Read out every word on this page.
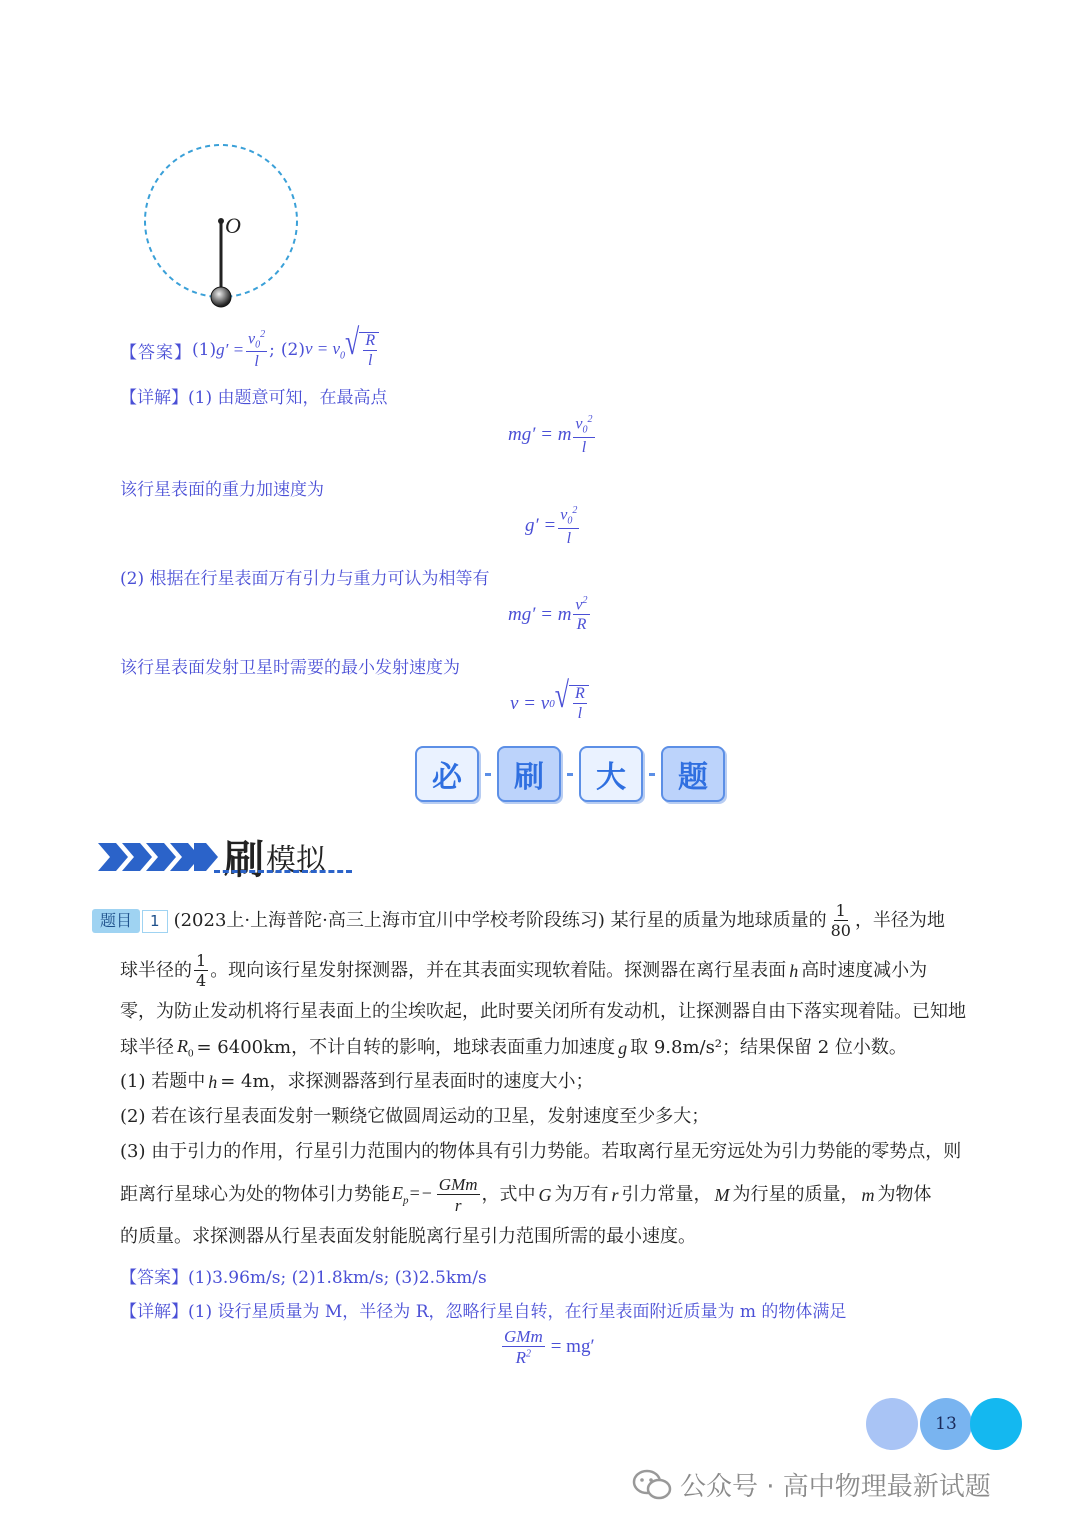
O
【答案】 (1) $g' = \frac{v_0^2}{l}$ ; (2) $v = v_0$ √ $\frac{R}{l}$
【详解】(1) 由题意可知，在最高点
mg′ = m $\frac{v_0^2}{l}$
该行星表面的重力加速度为
$g' = \frac{v_0^2}{l}$
(2) 根据在行星表面万有引力与重力可认为相等有
mg′ = m $\frac{v^2}{R}$
该行星表面发射卫星时需要的最小发射速度为
v = v 0 √ $\frac{R}{l}$
必	刷	大	题
刷 模拟
题目	1 (2023上·上海普陀·高三上海市宜川中学校考阶段练习) 某行星的质量为地球质量的 $\frac{1}{80}$ ，半径为地
球半径的 $\frac{1}{4}$ 。现向该行星发射探测器，并在其表面实现软着陆。探测器在离行星表面 h 高时速度减小为
零，为防止发动机将行星表面上的尘埃吹起，此时要关闭所有发动机，让探测器自由下落实现着陆。已知地
球半径 $R_0 = 6400km$，不计自转的影响，地球表面重力加速度 g 取 9.8m/s²；结果保留 2 位小数。
(1) 若题中 h = 4m，求探测器落到行星表面时的速度大小；
(2) 若在该行星表面发射一颗绕它做圆周运动的卫星，发射速度至少多大；
(3) 由于引力的作用，行星引力范围内的物体具有引力势能。若取离行星无穷远处为引力势能的零势点，则
距离行星球心为处的物体引力势能 $E_p=- \frac{\text{GMm}}{r}$ ，式中 G 为万有 r 引力常量， M 为行星的质量， m 为物体
的质量。求探测器从行星表面发射能脱离行星引力范围所需的最小速度。
【答案】(1)3.96m/s; (2)1.8km/s; (3)2.5km/s
【详解】(1) 设行星质量为 M，半径为 R，忽略行星自转，在行星表面附近质量为 m 的物体满足
$\frac{\text{GMm}}{R^2} = mg'$
13
公众号 · 高中物理最新试题
